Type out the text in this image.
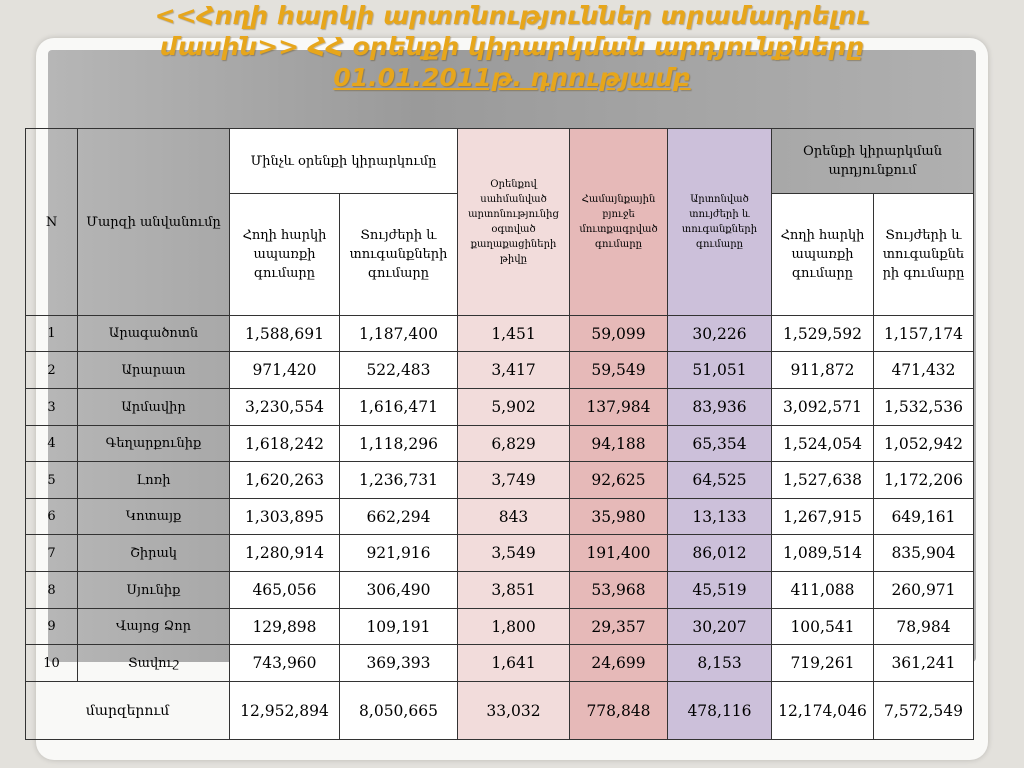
<<Հողի հարկի արտոնություններ տրամադրելու
մասին>> ՀՀ օրենքի կիրարկման արդյունքները
01.01.2011թ. դրությամբ
N	Մարզի անվանումը	Մինչև օրենքի կիրարկումը		Օրենքով սահմանված արտոնությունից օգտված քաղաքացիների թիվը	Համայնքային բյուջե մուտքագրված գումարը	Արտոնված տույժերի և տուգանքների գումարը	Օրենքի կիրարկման արդյունքում	
		Հողի հարկի ապառքի գումարը	Տույժերի և տուգանքների գումարը				Հողի հարկի ապառքի գումարը	Տույժերի և տուգանքնե րի գումարը
1	Արագածոտն	1,588,691	1,187,400	1,451	59,099	30,226	1,529,592	1,157,174
2	Արարատ	971,420	522,483	3,417	59,549	51,051	911,872	471,432
3	Արմավիր	3,230,554	1,616,471	5,902	137,984	83,936	3,092,571	1,532,536
4	Գեղարքունիք	1,618,242	1,118,296	6,829	94,188	65,354	1,524,054	1,052,942
5	Լոռի	1,620,263	1,236,731	3,749	92,625	64,525	1,527,638	1,172,206
6	Կոտայք	1,303,895	662,294	843	35,980	13,133	1,267,915	649,161
7	Շիրակ	1,280,914	921,916	3,549	191,400	86,012	1,089,514	835,904
8	Սյունիք	465,056	306,490	3,851	53,968	45,519	411,088	260,971
9	Վայոց Ձոր	129,898	109,191	1,800	29,357	30,207	100,541	78,984
10	Տավուշ	743,960	369,393	1,641	24,699	8,153	719,261	361,241
մարզերում		12,952,894	8,050,665	33,032	778,848	478,116	12,174,046	7,572,549
